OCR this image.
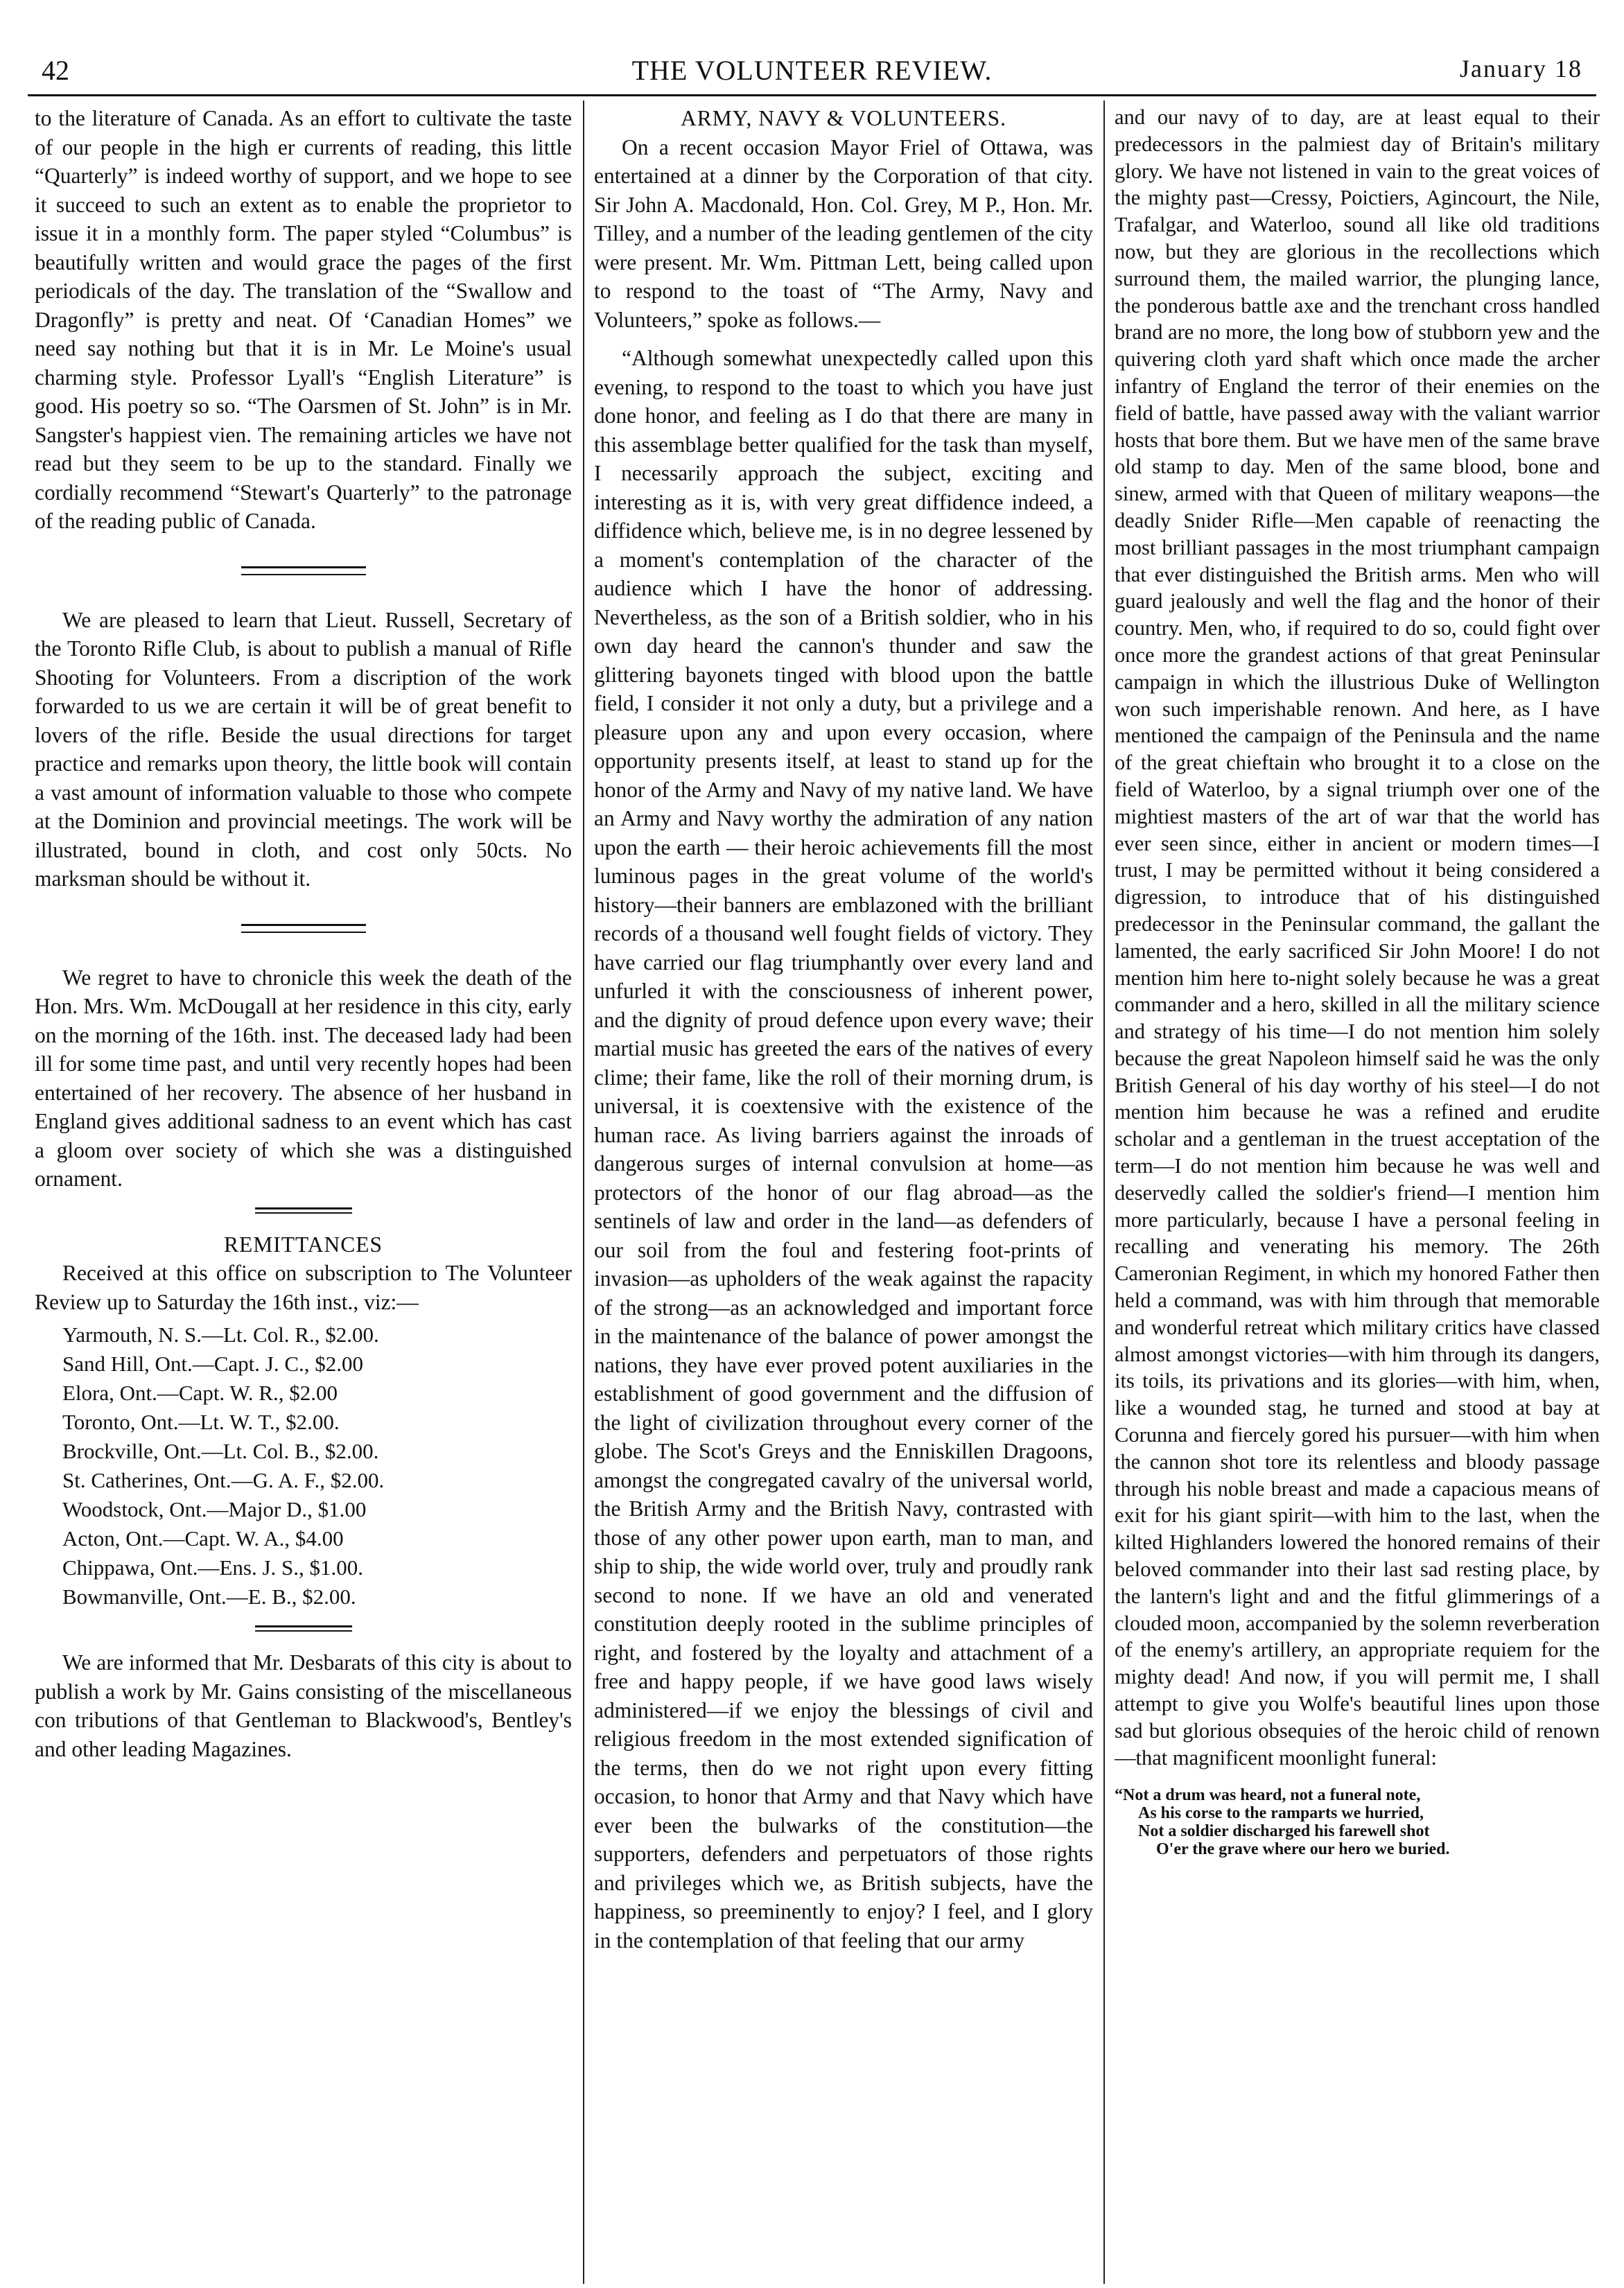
42	THE VOLUNTEER REVIEW.	January 18

to the literature of Canada. As an effort to cultivate the taste of our people in the high er currents of reading, this little “Quarterly” is indeed worthy of support, and we hope to see it succeed to such an extent as to enable the proprietor to issue it in a monthly form. The paper styled “Columbus” is beautifully written and would grace the pages of the first periodicals of the day. The translation of the “Swallow and Dragonfly” is pretty and neat. Of ‘Canadian Homes” we need say nothing but that it is in Mr. Le Moine's usual charming style. Professor Lyall's “English Literature” is good. His poetry so so. “The Oarsmen of St. John” is in Mr. Sangster's happiest vien. The remaining articles we have not read but they seem to be up to the standard. Finally we cordially recommend “Stewart's Quarterly” to the patronage of the reading public of Canada.

We are pleased to learn that Lieut. Russell, Secretary of the Toronto Rifle Club, is about to publish a manual of Rifle Shooting for Volunteers. From a discription of the work forwarded to us we are certain it will be of great benefit to lovers of the rifle. Beside the usual directions for target practice and remarks upon theory, the little book will contain a vast amount of information valuable to those who compete at the Dominion and provincial meetings. The work will be illustrated, bound in cloth, and cost only 50cts. No marksman should be without it.

We regret to have to chronicle this week the death of the Hon. Mrs. Wm. McDougall at her residence in this city, early on the morning of the 16th. inst. The deceased lady had been ill for some time past, and until very recently hopes had been entertained of her recovery. The absence of her husband in England gives additional sadness to an event which has cast a gloom over society of which she was a distinguished ornament.

REMITTANCES

Received at this office on subscription to The Volunteer Review up to Saturday the 16th inst., viz:—

Yarmouth, N. S.—Lt. Col. R., $2.00.
Sand Hill, Ont.—Capt. J. C., $2.00
Elora, Ont.—Capt. W. R., $2.00
Toronto, Ont.—Lt. W. T., $2.00.
Brockville, Ont.—Lt. Col. B., $2.00.
St. Catherines, Ont.—G. A. F., $2.00.
Woodstock, Ont.—Major D., $1.00
Acton, Ont.—Capt. W. A., $4.00
Chippawa, Ont.—Ens. J. S., $1.00.
Bowmanville, Ont.—E. B., $2.00.

We are informed that Mr. Desbarats of this city is about to publish a work by Mr. Gains consisting of the miscellaneous con tributions of that Gentleman to Blackwood's, Bentley's and other leading Magazines.

ARMY, NAVY & VOLUNTEERS.

On a recent occasion Mayor Friel of Ottawa, was entertained at a dinner by the Corporation of that city. Sir John A. Macdonald, Hon. Col. Grey, M P., Hon. Mr. Tilley, and a number of the leading gentlemen of the city were present. Mr. Wm. Pittman Lett, being called upon to respond to the toast of “The Army, Navy and Volunteers,” spoke as follows.—

“Although somewhat unexpectedly called upon this evening, to respond to the toast to which you have just done honor, and feeling as I do that there are many in this assemblage better qualified for the task than myself, I necessarily approach the subject, exciting and interesting as it is, with very great diffidence indeed, a diffidence which, believe me, is in no degree lessened by a moment's contemplation of the character of the audience which I have the honor of addressing. Nevertheless, as the son of a British soldier, who in his own day heard the cannon's thunder and saw the glittering bayonets tinged with blood upon the battle field, I consider it not only a duty, but a privilege and a pleasure upon any and upon every occasion, where opportunity presents itself, at least to stand up for the honor of the Army and Navy of my native land. We have an Army and Navy worthy the admiration of any nation upon the earth — their heroic achievements fill the most luminous pages in the great volume of the world's history—their banners are emblazoned with the brilliant records of a thousand well fought fields of victory. They have carried our flag triumphantly over every land and unfurled it with the consciousness of inherent power, and the dignity of proud defence upon every wave; their martial music has greeted the ears of the natives of every clime; their fame, like the roll of their morning drum, is universal, it is coextensive with the existence of the human race. As living barriers against the inroads of dangerous surges of internal convulsion at home—as protectors of the honor of our flag abroad—as the sentinels of law and order in the land—as defenders of our soil from the foul and festering foot-prints of invasion—as upholders of the weak against the rapacity of the strong—as an acknowledged and important force in the maintenance of the balance of power amongst the nations, they have ever proved potent auxiliaries in the establishment of good government and the diffusion of the light of civilization throughout every corner of the globe. The Scot's Greys and the Enniskillen Dragoons, amongst the congregated cavalry of the universal world, the British Army and the British Navy, contrasted with those of any other power upon earth, man to man, and ship to ship, the wide world over, truly and proudly rank second to none. If we have an old and venerated constitution deeply rooted in the sublime principles of right, and fostered by the loyalty and attachment of a free and happy people, if we have good laws wisely administered—if we enjoy the blessings of civil and religious freedom in the most extended signification of the terms, then do we not right upon every fitting occasion, to honor that Army and that Navy which have ever been the bulwarks of the constitution—the supporters, defenders and perpetuators of those rights and privileges which we, as British subjects, have the happiness, so preeminently to enjoy? I feel, and I glory in the contemplation of that feeling that our army

and our navy of to day, are at least equal to their predecessors in the palmiest day of Britain's military glory. We have not listened in vain to the great voices of the mighty past—Cressy, Poictiers, Agincourt, the Nile, Trafalgar, and Waterloo, sound all like old traditions now, but they are glorious in the recollections which surround them, the mailed warrior, the plunging lance, the ponderous battle axe and the trenchant cross handled brand are no more, the long bow of stubborn yew and the quivering cloth yard shaft which once made the archer infantry of England the terror of their enemies on the field of battle, have passed away with the valiant warrior hosts that bore them. But we have men of the same brave old stamp to day. Men of the same blood, bone and sinew, armed with that Queen of military weapons—the deadly Snider Rifle—Men capable of reenacting the most brilliant passages in the most triumphant campaign that ever distinguished the British arms. Men who will guard jealously and well the flag and the honor of their country. Men, who, if required to do so, could fight over once more the grandest actions of that great Peninsular campaign in which the illustrious Duke of Wellington won such imperishable renown. And here, as I have mentioned the campaign of the Peninsula and the name of the great chieftain who brought it to a close on the field of Waterloo, by a signal triumph over one of the mightiest masters of the art of war that the world has ever seen since, either in ancient or modern times—I trust, I may be permitted without it being considered a digression, to introduce that of his distinguished predecessor in the Peninsular command, the gallant the lamented, the early sacrificed Sir John Moore! I do not mention him here to-night solely because he was a great commander and a hero, skilled in all the military science and strategy of his time—I do not mention him solely because the great Napoleon himself said he was the only British General of his day worthy of his steel—I do not mention him because he was a refined and erudite scholar and a gentleman in the truest acceptation of the term—I do not mention him because he was well and deservedly called the soldier's friend—I mention him more particularly, because I have a personal feeling in recalling and venerating his memory. The 26th Cameronian Regiment, in which my honored Father then held a command, was with him through that memorable and wonderful retreat which military critics have classed almost amongst victories—with him through its dangers, its toils, its privations and its glories—with him, when, like a wounded stag, he turned and stood at bay at Corunna and fiercely gored his pursuer—with him when the cannon shot tore its relentless and bloody passage through his noble breast and made a capacious means of exit for his giant spirit—with him to the last, when the kilted Highlanders lowered the honored remains of their beloved commander into their last sad resting place, by the lantern's light and and the fitful glimmerings of a clouded moon, accompanied by the solemn reverberation of the enemy's artillery, an appropriate requiem for the mighty dead! And now, if you will permit me, I shall attempt to give you Wolfe's beautiful lines upon those sad but glorious obsequies of the heroic child of renown—that magnificent moonlight funeral:

“Not a drum was heard, not a funeral note,
As his corse to the ramparts we hurried,
Not a soldier discharged his farewell shot
O'er the grave where our hero we buried.
